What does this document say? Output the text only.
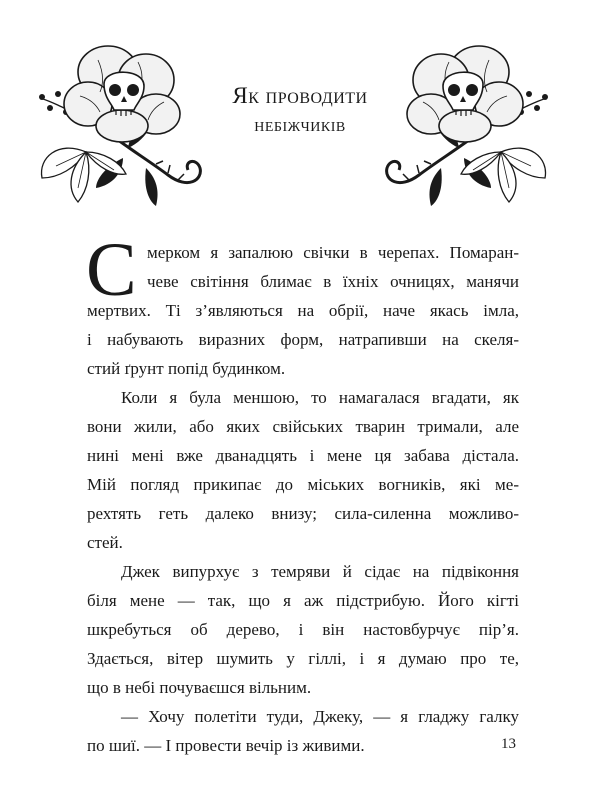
Як проводити
небіжчиків
С мерком я запалюю свічки в черепах. Помаран-
чеве світіння блимає в їхніх очницях, манячи
мертвих. Ті з’являються на обрії, наче якась імла,
і набувають виразних форм, натрапивши на скеля-
стий ґрунт попід будинком.
Коли я була меншою, то намагалася вгадати, як
вони жили, або яких свійських тварин тримали, але
нині мені вже дванадцять і мене ця забава дістала.
Мій погляд прикипає до міських вогників, які ме-
рехтять геть далеко внизу; сила-силенна можливо-
стей.
Джек випурхує з темряви й сідає на підвіконня
біля мене — так, що я аж підстрибую. Його кігті
шкребуться об дерево, і він настовбурчує пір’я.
Здається, вітер шумить у гіллі, і я думаю про те,
що в небі почуваєшся вільним.
— Хочу полетіти туди, Джеку, — я гладжу галку
по шиї. — І провести вечір із живими.	13
